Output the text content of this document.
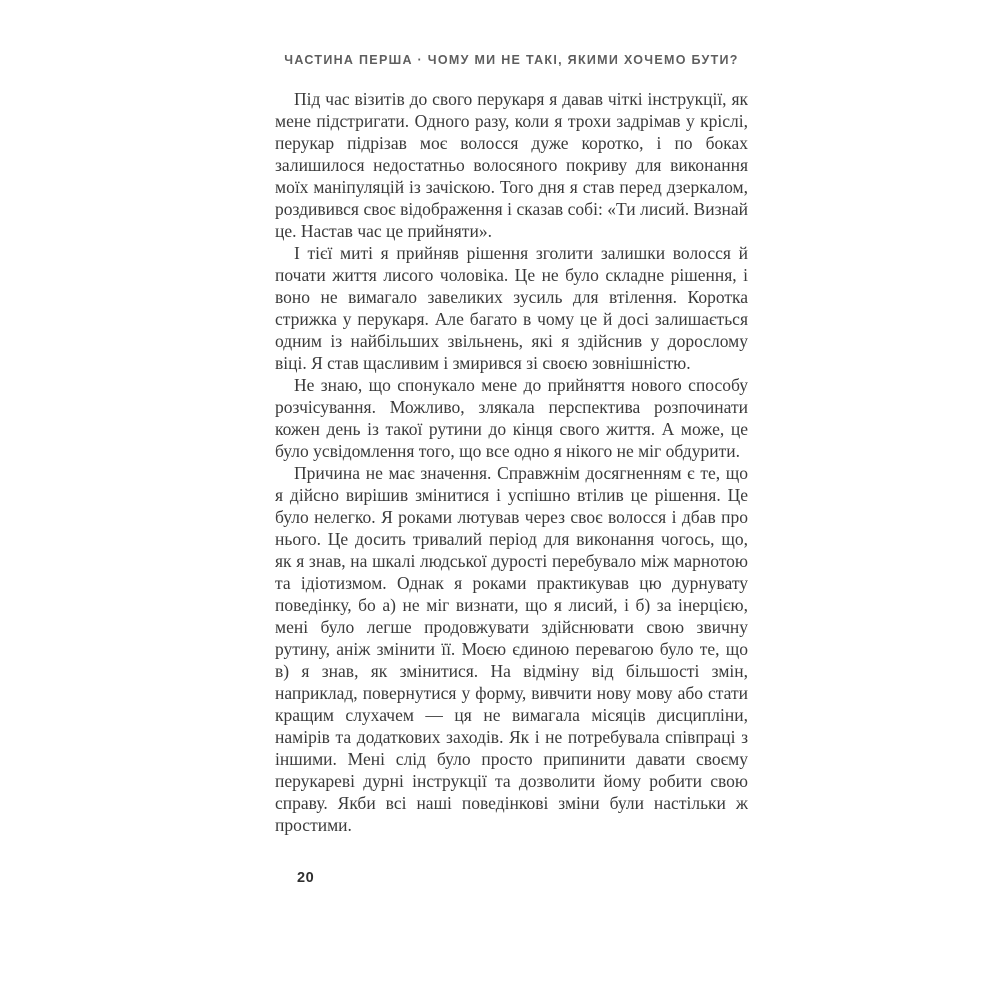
ЧАСТИНА ПЕРША · ЧОМУ МИ НЕ ТАКІ, ЯКИМИ ХОЧЕМО БУТИ?

Під час візитів до свого перукаря я давав чіткі інструкції, як мене підстригати. Одного разу, коли я трохи задрімав у кріслі, перукар підрізав моє волосся дуже коротко, і по боках залишилося недостатньо волосяного покриву для виконання моїх маніпуляцій із зачіскою. Того дня я став перед дзеркалом, роздивився своє відображення і сказав собі: «Ти лисий. Визнай це. Настав час це прийняти».

І тієї миті я прийняв рішення зголити залишки волосся й почати життя лисого чоловіка. Це не було складне рішення, і воно не вимагало завеликих зусиль для втілення. Коротка стрижка у перукаря. Але багато в чому це й досі залишається одним із найбільших звільнень, які я здійснив у дорослому віці. Я став щасливим і змирився зі своєю зовнішністю.

Не знаю, що спонукало мене до прийняття нового способу розчісування. Можливо, злякала перспектива розпочинати кожен день із такої рутини до кінця свого життя. А може, це було усвідомлення того, що все одно я нікого не міг обдурити.

Причина не має значення. Справжнім досягненням є те, що я дійсно вирішив змінитися і успішно втілив це рішення. Це було нелегко. Я роками лютував через своє волосся і дбав про нього. Це досить тривалий період для виконання чогось, що, як я знав, на шкалі людської дурості перебувало між марнотою та ідіотизмом. Однак я роками практикував цю дурнувату поведінку, бо а) не міг визнати, що я лисий, і б) за інерцією, мені було легше продовжувати здійснювати свою звичну рутину, аніж змінити її. Моєю єдиною перевагою було те, що в) я знав, як змінитися. На відміну від більшості змін, наприклад, повернутися у форму, вивчити нову мову або стати кращим слухачем — ця не вимагала місяців дисципліни, намірів та додаткових заходів. Як і не потребувала співпраці з іншими. Мені слід було просто припинити давати своєму перукареві дурні інструкції та дозволити йому робити свою справу. Якби всі наші поведінкові зміни були настільки ж простими.

20
